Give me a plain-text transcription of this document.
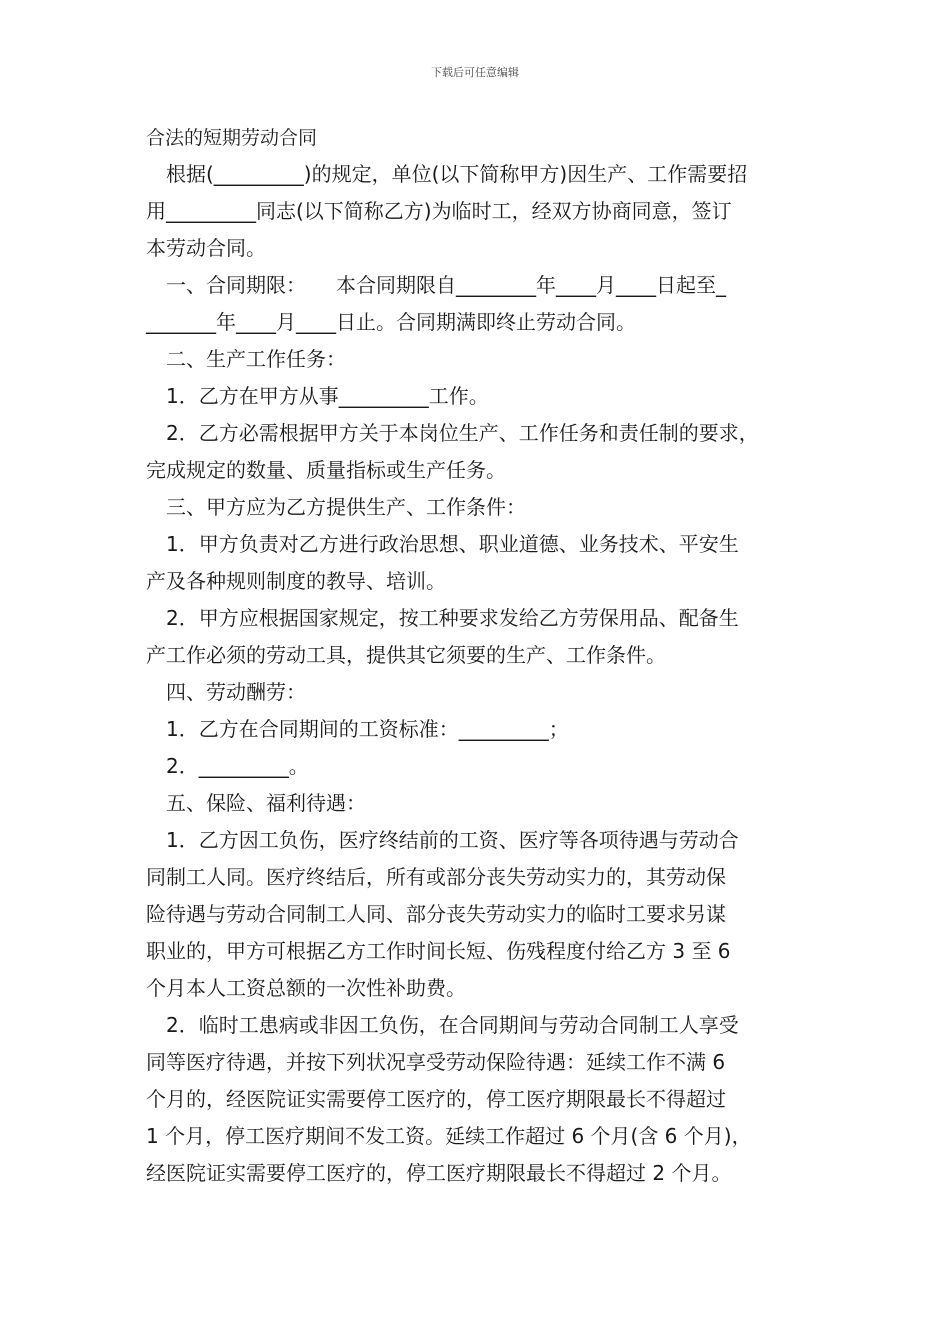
下载后可任意编辑
合法的短期劳动合同
根据(_________)的规定，单位(以下简称甲方)因生产、工作需要招
用_________同志(以下简称乙方)为临时工，经双方协商同意，签订
本劳动合同。
一、合同期限：　　本合同期限自________年____月____日起至_
_______年____月____日止。合同期满即终止劳动合同。
二、生产工作任务：
1．乙方在甲方从事_________工作。
2．乙方必需根据甲方关于本岗位生产、工作任务和责任制的要求，
完成规定的数量、质量指标或生产任务。
三、甲方应为乙方提供生产、工作条件：
1．甲方负责对乙方进行政治思想、职业道德、业务技术、平安生
产及各种规则制度的教导、培训。
2．甲方应根据国家规定，按工种要求发给乙方劳保用品、配备生
产工作必须的劳动工具，提供其它须要的生产、工作条件。
四、劳动酬劳：
1．乙方在合同期间的工资标准：_________；
2．_________。
五、保险、福利待遇：
1．乙方因工负伤，医疗终结前的工资、医疗等各项待遇与劳动合
同制工人同。医疗终结后，所有或部分丧失劳动实力的，其劳动保
险待遇与劳动合同制工人同、部分丧失劳动实力的临时工要求另谋
职业的，甲方可根据乙方工作时间长短、伤残程度付给乙方 3 至 6
个月本人工资总额的一次性补助费。
2．临时工患病或非因工负伤，在合同期间与劳动合同制工人享受
同等医疗待遇，并按下列状况享受劳动保险待遇：延续工作不满 6
个月的，经医院证实需要停工医疗的，停工医疗期限最长不得超过
1 个月，停工医疗期间不发工资。延续工作超过 6 个月(含 6 个月)，
经医院证实需要停工医疗的，停工医疗期限最长不得超过 2 个月。
